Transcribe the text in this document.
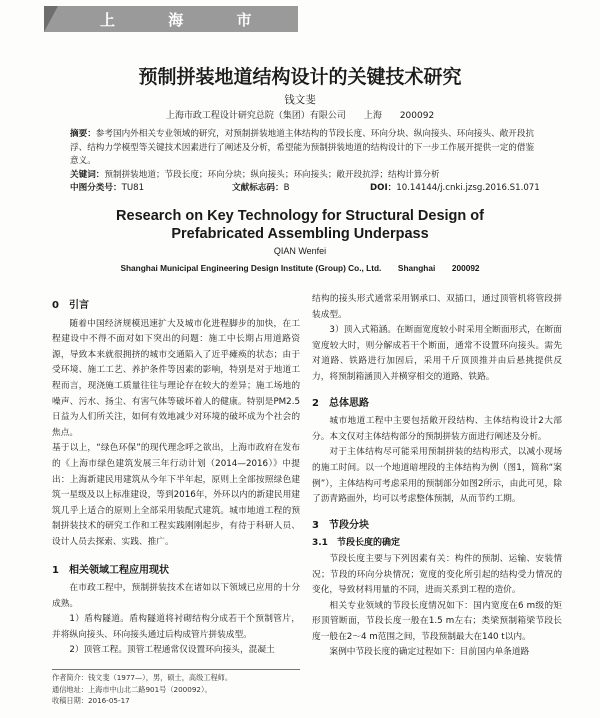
上 海 市
预制拼装地道结构设计的关键技术研究
钱文斐
上海市政工程设计研究总院（集团）有限公司　　上海　　200092
摘要：参考国内外相关专业领域的研究，对预制拼装地道主体结构的节段长度、环向分块、纵向接头、环向接头、敞开段抗浮、结构力学模型等关键技术因素进行了阐述及分析，希望能为预制拼装地道的结构设计的下一步工作展开提供一定的借鉴意义。
关键词：预制拼装地道；节段长度；环向分块；纵向接头；环向接头；敞开段抗浮；结构计算分析
中图分类号：TU81	文献标志码：B	DOI：10.14144/j.cnki.jzsg.2016.S1.071
Research on Key Technology for Structural Design of
Prefabricated Assembling Underpass
QIAN Wenfei
Shanghai Municipal Engineering Design Institute (Group) Co., Ltd.　　Shanghai　　200092
0　引言

随着中国经济规模迅速扩大及城市化进程脚步的加快，在工程建设中不得不面对如下突出的问题：施工中长期占用道路资源，导致本来就很拥挤的城市交通陷入了近乎瘫痪的状态；由于受环境、施工工艺、养护条件等因素的影响，特别是对于地道工程而言，现浇施工质量往往与理论存在较大的差异；施工场地的噪声、污水、扬尘、有害气体等破坏着人的健康。特别是PM2.5日益为人们所关注，如何有效地减少对环境的破坏成为个社会的焦点。

基于以上，“绿色环保”的现代理念呼之欲出，上海市政府在发布的《上海市绿色建筑发展三年行动计划（2014—2016）》中提出：上海新建民用建筑从今年下半年起，原则上全部按照绿色建筑一星级及以上标准建设，等到2016年，外环以内的新建民用建筑几乎上适合的原则上全部采用装配式建筑。城市地道工程的预制拼装技术的研究工作和工程实践刚刚起步，有待于科研人员、设计人员去探索、实践、推广。

1　相关领域工程应用现状

在市政工程中，预制拼装技术在诸如以下领域已应用的十分成熟。

1）盾构隧道。盾构隧道将衬砌结构分成若干个预制管片，并将纵向接头、环向接头通过后构成管片拼装成型。

2）顶管工程。顶管工程通常仅设置环向接头，混凝土

结构的接头形式通常采用钢承口、双插口，通过顶管机将管段拼装成型。

3）顶入式箱涵。在断面宽度较小时采用全断面形式，在断面宽度较大时，则分解成若干个断面，通常不设置环向接头。需先对道路、铁路进行加固后，采用千斤顶顶推并由后悬挑提供反力，将预制箱涵顶入并横穿相交的道路、铁路。

2　总体思路

城市地道工程中主要包括敞开段结构、主体结构设计2大部分。本文仅对主体结构部分的预制拼装方面进行阐述及分析。

对于主体结构尽可能采用预制拼装的结构形式，以减小现场的施工时间。以一个地道暗埋段的主体结构为例（图1，简称“案例”），主体结构可考虑采用的预制部分如图2所示，由此可见，除了沥青路面外，均可以考虑整体预制，从而节约工期。

3　节段分块
3.1　节段长度的确定

节段长度主要与下列因素有关：构件的预制、运输、安装情况；节段的环向分块情况；宽度的变化所引起的结构受力情况的变化，导致材料用量的不同，进而关系到工程的造价。

相关专业领域的节段长度情况如下：国内宽度在6 m级的矩形顶管断面，节段长度一般在1.5 m左右；类梁预制箱梁节段长度一般在2～4 m范围之间，节段预制最大在140 t以内。

案例中节段长度的确定过程如下：目前国内单条道路

作者简介：钱文斐（1977—），男，硕士，高级工程师。
通信地址：上海市中山北二路901号（200092）。
收稿日期：2016-05-17
